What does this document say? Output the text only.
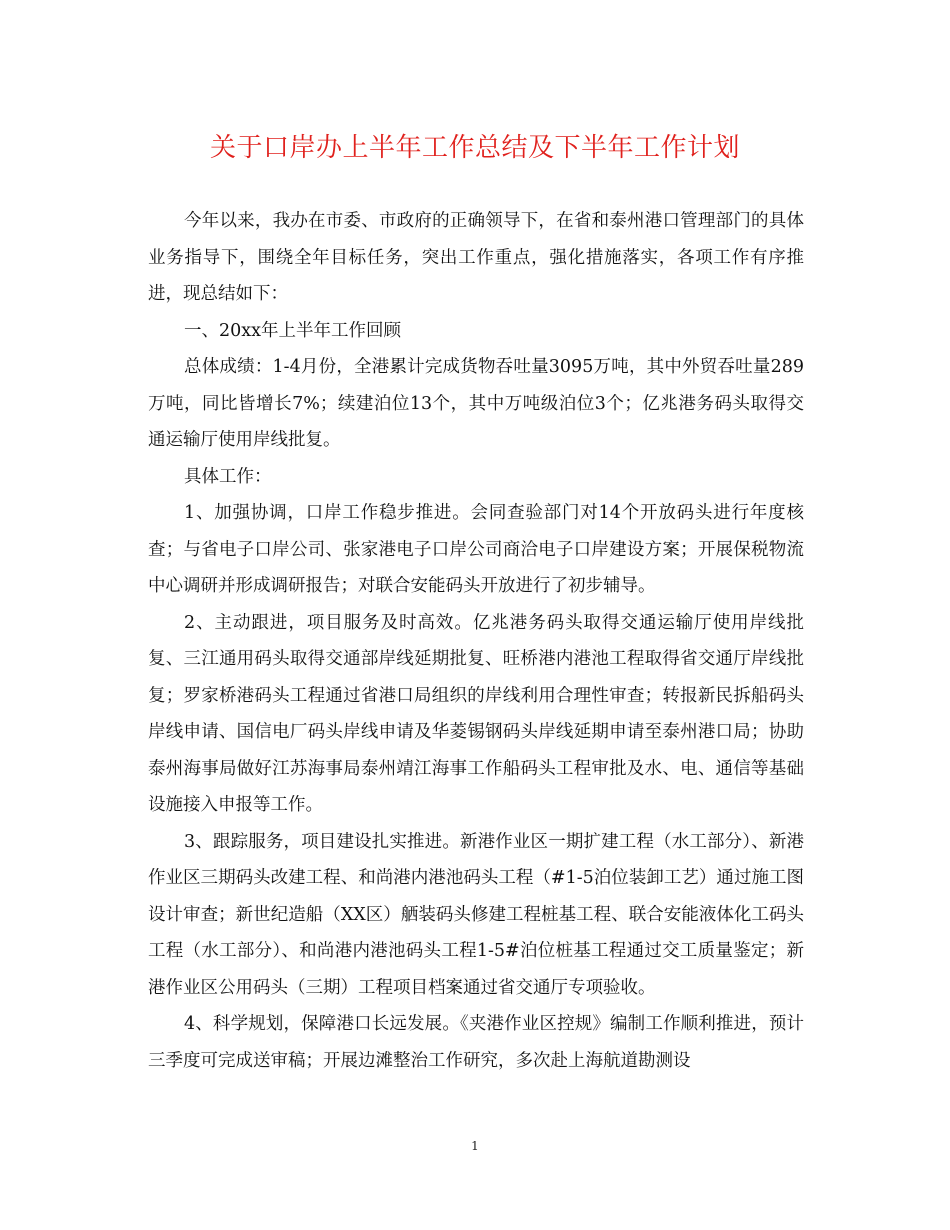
关于口岸办上半年工作总结及下半年工作计划

今年以来，我办在市委、市政府的正确领导下，在省和泰州港口管理部门的具体业务指导下，围绕全年目标任务，突出工作重点，强化措施落实，各项工作有序推进，现总结如下：

一、20xx年上半年工作回顾

总体成绩：1-4月份，全港累计完成货物吞吐量3095万吨，其中外贸吞吐量289万吨，同比皆增长7%；续建泊位13个，其中万吨级泊位3个；亿兆港务码头取得交通运输厅使用岸线批复。

具体工作：

1、加强协调，口岸工作稳步推进。会同查验部门对14个开放码头进行年度核查；与省电子口岸公司、张家港电子口岸公司商洽电子口岸建设方案；开展保税物流中心调研并形成调研报告；对联合安能码头开放进行了初步辅导。

2、主动跟进，项目服务及时高效。亿兆港务码头取得交通运输厅使用岸线批复、三江通用码头取得交通部岸线延期批复、旺桥港内港池工程取得省交通厅岸线批复；罗家桥港码头工程通过省港口局组织的岸线利用合理性审查；转报新民拆船码头岸线申请、国信电厂码头岸线申请及华菱锡钢码头岸线延期申请至泰州港口局；协助泰州海事局做好江苏海事局泰州靖江海事工作船码头工程审批及水、电、通信等基础设施接入申报等工作。

3、跟踪服务，项目建设扎实推进。新港作业区一期扩建工程（水工部分）、新港作业区三期码头改建工程、和尚港内港池码头工程（#1-5泊位装卸工艺）通过施工图设计审查；新世纪造船（XX区）舾装码头修建工程桩基工程、联合安能液体化工码头工程（水工部分）、和尚港内港池码头工程1-5#泊位桩基工程通过交工质量鉴定；新港作业区公用码头（三期）工程项目档案通过省交通厅专项验收。

4、科学规划，保障港口长远发展。《夹港作业区控规》编制工作顺利推进，预计三季度可完成送审稿；开展边滩整治工作研究，多次赴上海航道勘测设

1
